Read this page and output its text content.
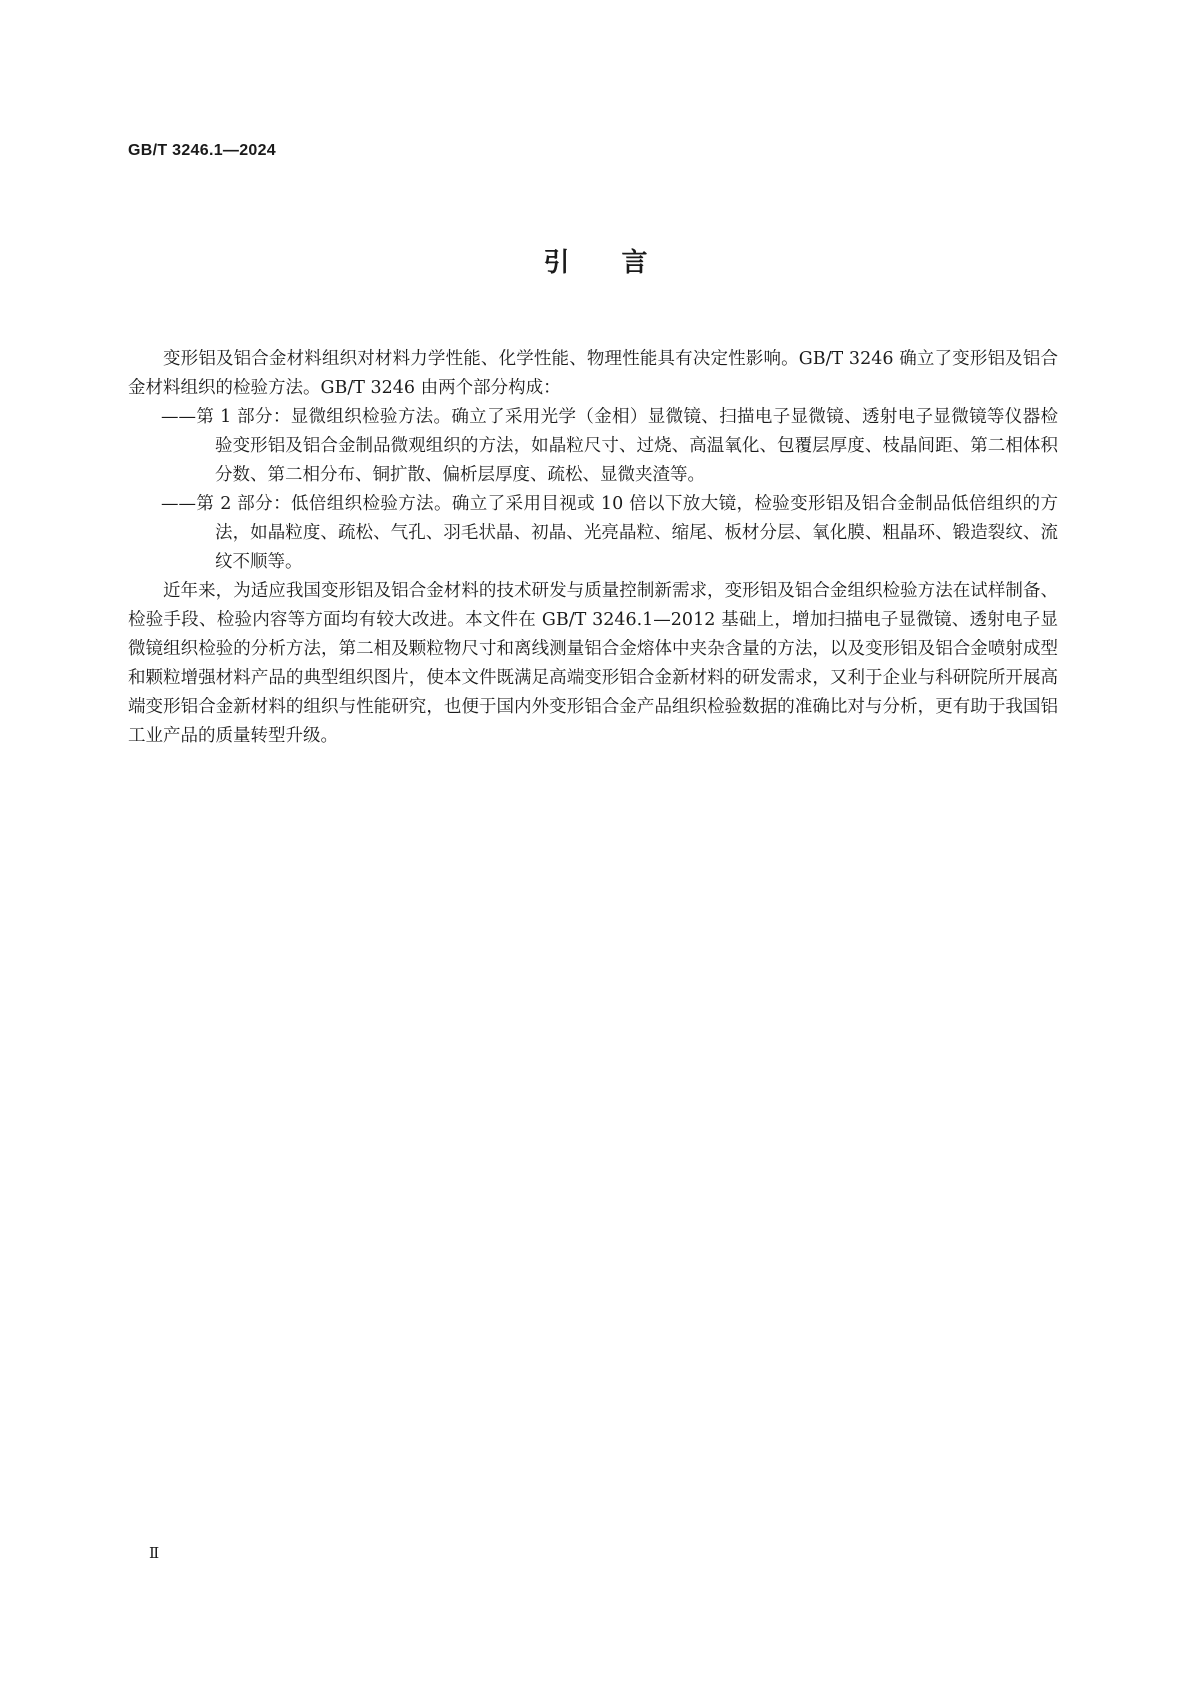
GB/T 3246.1—2024
引言

变形铝及铝合金材料组织对材料力学性能、化学性能、物理性能具有决定性影响。GB/T 3246 确立了变形铝及铝合金材料组织的检验方法。GB/T 3246 由两个部分构成：

——第 1 部分：显微组织检验方法。确立了采用光学（金相）显微镜、扫描电子显微镜、透射电子显微镜等仪器检验变形铝及铝合金制品微观组织的方法，如晶粒尺寸、过烧、高温氧化、包覆层厚度、枝晶间距、第二相体积分数、第二相分布、铜扩散、偏析层厚度、疏松、显微夹渣等。

——第 2 部分：低倍组织检验方法。确立了采用目视或 10 倍以下放大镜，检验变形铝及铝合金制品低倍组织的方法，如晶粒度、疏松、气孔、羽毛状晶、初晶、光亮晶粒、缩尾、板材分层、氧化膜、粗晶环、锻造裂纹、流纹不顺等。

近年来，为适应我国变形铝及铝合金材料的技术研发与质量控制新需求，变形铝及铝合金组织检验方法在试样制备、检验手段、检验内容等方面均有较大改进。本文件在 GB/T 3246.1—2012 基础上，增加扫描电子显微镜、透射电子显微镜组织检验的分析方法，第二相及颗粒物尺寸和离线测量铝合金熔体中夹杂含量的方法，以及变形铝及铝合金喷射成型和颗粒增强材料产品的典型组织图片，使本文件既满足高端变形铝合金新材料的研发需求，又利于企业与科研院所开展高端变形铝合金新材料的组织与性能研究，也便于国内外变形铝合金产品组织检验数据的准确比对与分析，更有助于我国铝工业产品的质量转型升级。

Ⅱ
